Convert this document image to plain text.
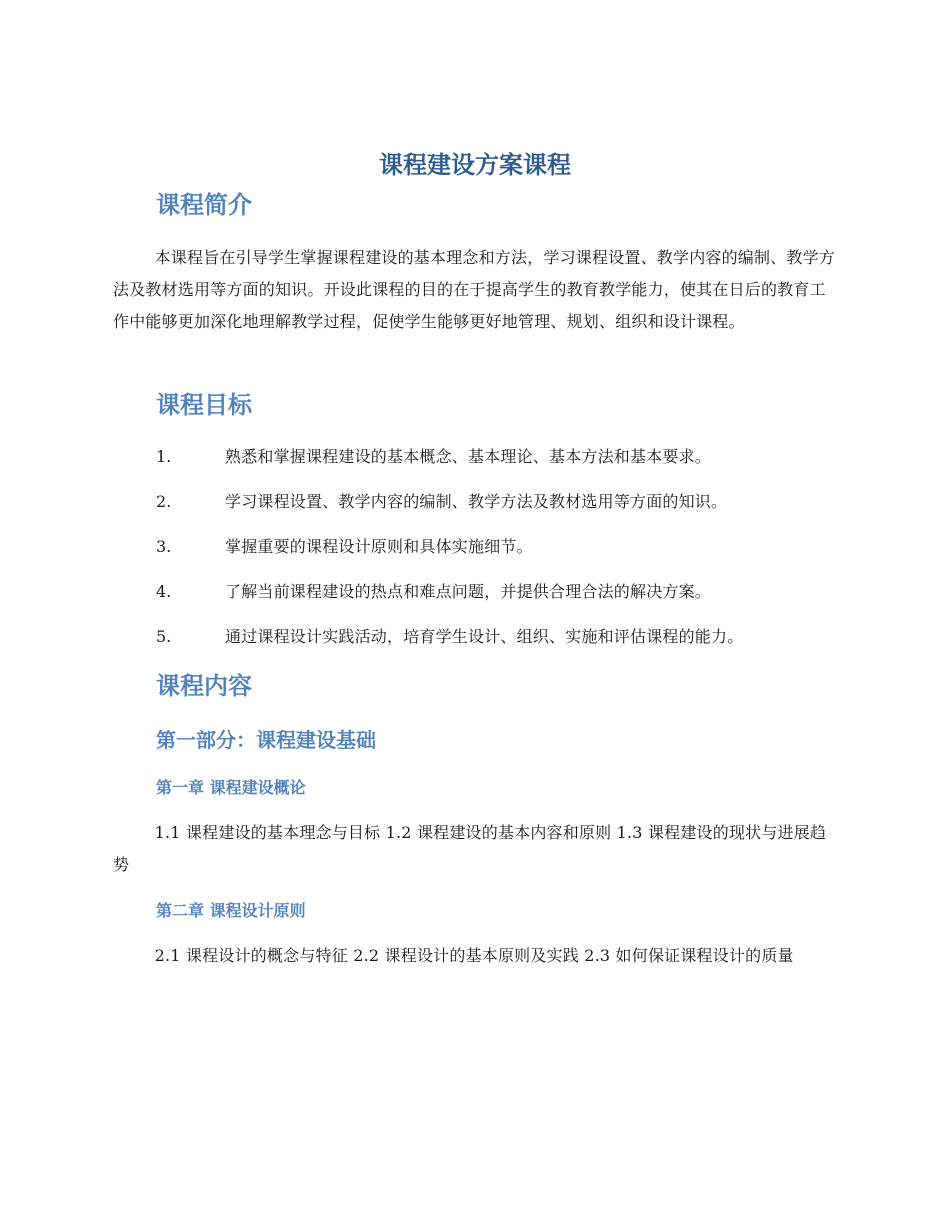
课程建设方案课程
课程简介

本课程旨在引导学生掌握课程建设的基本理念和方法，学习课程设置、教学内容的编制、教学方法及教材选用等方面的知识。开设此课程的目的在于提高学生的教育教学能力，使其在日后的教育工作中能够更加深化地理解教学过程，促使学生能够更好地管理、规划、组织和设计课程。

课程目标
1.	熟悉和掌握课程建设的基本概念、基本理论、基本方法和基本要求。
2.	学习课程设置、教学内容的编制、教学方法及教材选用等方面的知识。
3.	掌握重要的课程设计原则和具体实施细节。
4.	了解当前课程建设的热点和难点问题，并提供合理合法的解决方案。
5.	通过课程设计实践活动，培育学生设计、组织、实施和评估课程的能力。
课程内容
第一部分：课程建设基础
第一章 课程建设概论

1.1 课程建设的基本理念与目标 1.2 课程建设的基本内容和原则 1.3 课程建设的现状与进展趋势

第二章 课程设计原则

2.1 课程设计的概念与特征 2.2 课程设计的基本原则及实践 2.3 如何保证课程设计的质量
